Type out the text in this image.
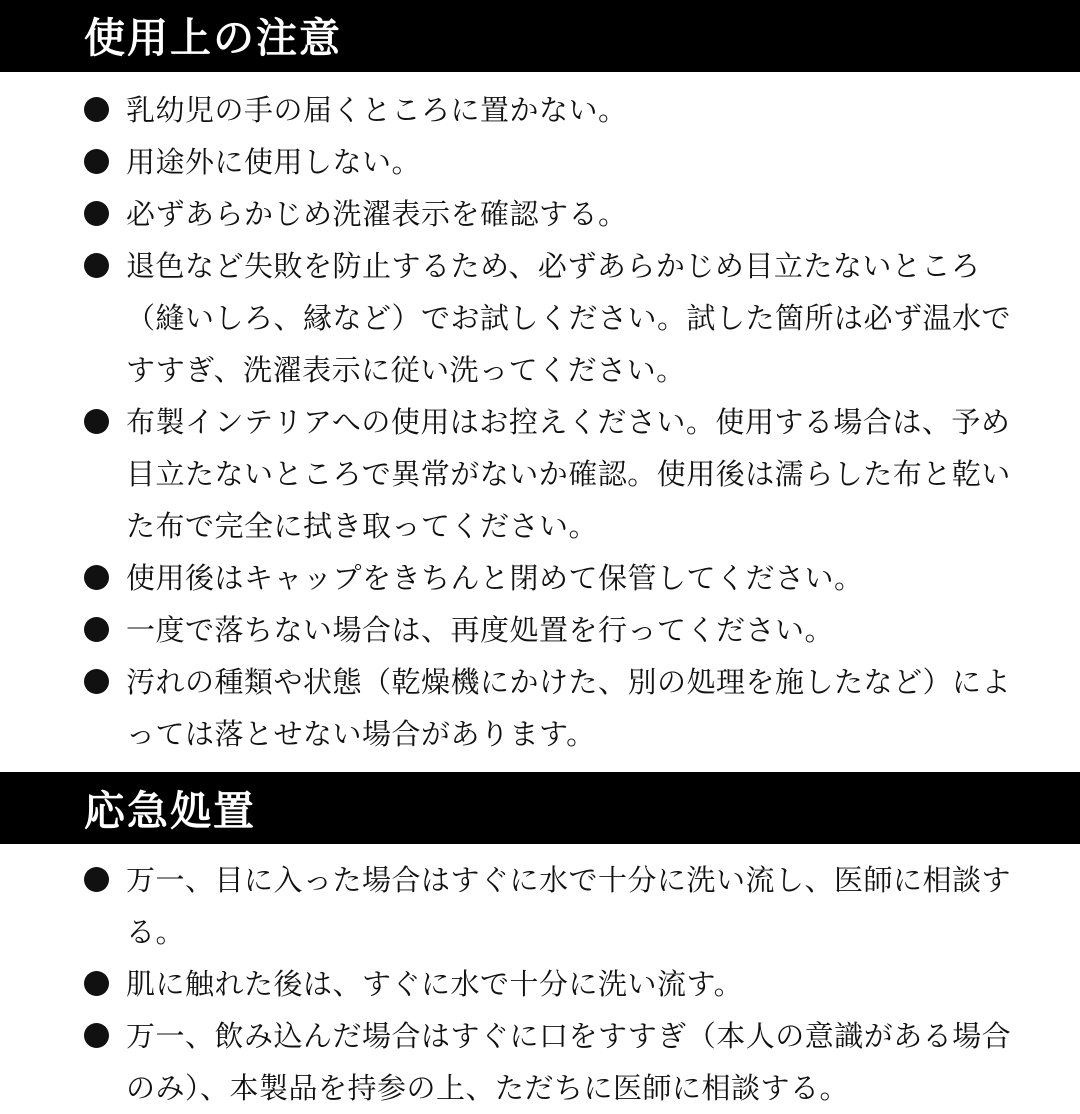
使用上の注意
乳幼児の手の届くところに置かない。
用途外に使用しない。
必ずあらかじめ洗濯表示を確認する。
退色など失敗を防止するため、必ずあらかじめ目立たないところ（縫いしろ、縁など）でお試しください。試した箇所は必ず温水ですすぎ、洗濯表示に従い洗ってください。
布製インテリアへの使用はお控えください。使用する場合は、予め目立たないところで異常がないか確認。使用後は濡らした布と乾いた布で完全に拭き取ってください。
使用後はキャップをきちんと閉めて保管してください。
一度で落ちない場合は、再度処置を行ってください。
汚れの種類や状態（乾燥機にかけた、別の処理を施したなど）によっては落とせない場合があります。
応急処置
万一、目に入った場合はすぐに水で十分に洗い流し、医師に相談する。
肌に触れた後は、すぐに水で十分に洗い流す。
万一、飲み込んだ場合はすぐに口をすすぎ（本人の意識がある場合のみ）、本製品を持参の上、ただちに医師に相談する。
